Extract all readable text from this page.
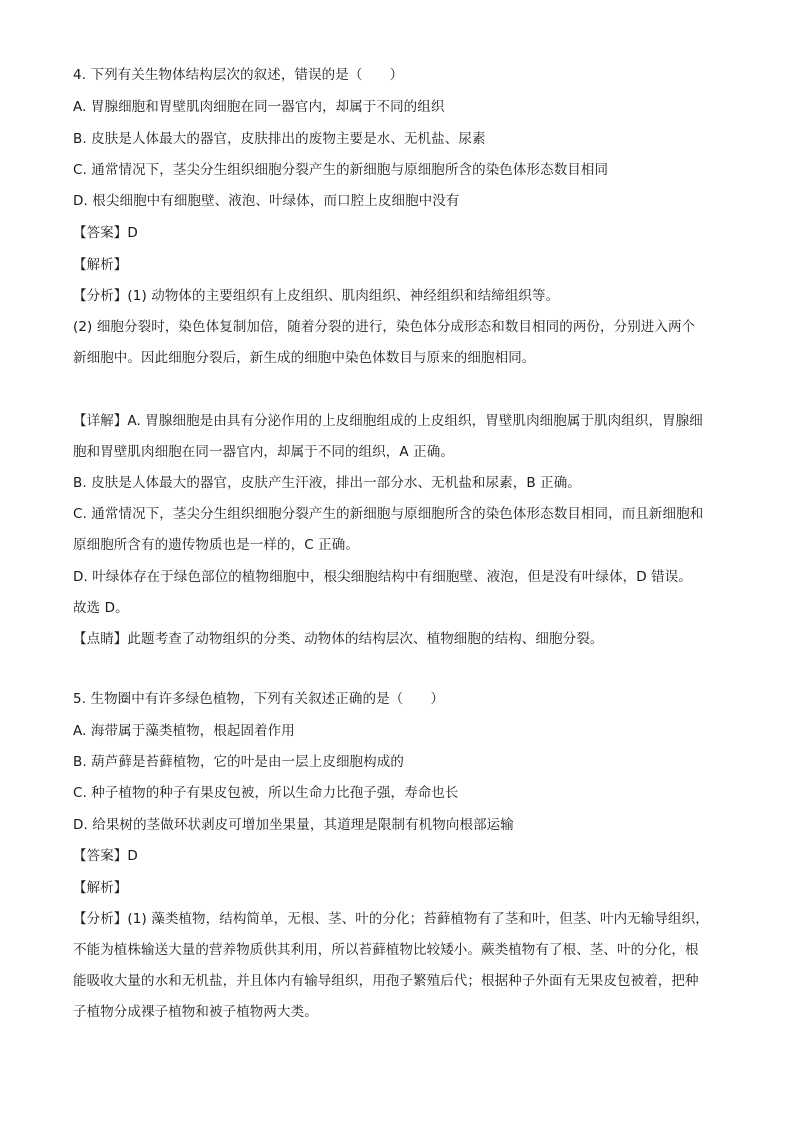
4. 下列有关生物体结构层次的叙述，错误的是（　　）
A. 胃腺细胞和胃壁肌肉细胞在同一器官内，却属于不同的组织
B. 皮肤是人体最大的器官，皮肤排出的废物主要是水、无机盐、尿素
C. 通常情况下，茎尖分生组织细胞分裂产生的新细胞与原细胞所含的染色体形态数目相同
D. 根尖细胞中有细胞壁、液泡、叶绿体，而口腔上皮细胞中没有
【答案】D
【解析】
【分析】(1) 动物体的主要组织有上皮组织、肌肉组织、神经组织和结缔组织等。
(2) 细胞分裂时，染色体复制加倍，随着分裂的进行，染色体分成形态和数目相同的两份，分别进入两个
新细胞中。因此细胞分裂后，新生成的细胞中染色体数目与原来的细胞相同。
【详解】A. 胃腺细胞是由具有分泌作用的上皮细胞组成的上皮组织，胃壁肌肉细胞属于肌肉组织，胃腺细
胞和胃壁肌肉细胞在同一器官内，却属于不同的组织，A 正确。
B. 皮肤是人体最大的器官，皮肤产生汗液，排出一部分水、无机盐和尿素，B 正确。
C. 通常情况下，茎尖分生组织细胞分裂产生的新细胞与原细胞所含的染色体形态数目相同，而且新细胞和
原细胞所含有的遗传物质也是一样的，C 正确。
D. 叶绿体存在于绿色部位的植物细胞中，根尖细胞结构中有细胞壁、液泡，但是没有叶绿体，D 错误。
故选 D。
【点睛】此题考查了动物组织的分类、动物体的结构层次、植物细胞的结构、细胞分裂。
5. 生物圈中有许多绿色植物，下列有关叙述正确的是（　　）
A. 海带属于藻类植物，根起固着作用
B. 葫芦藓是苔藓植物，它的叶是由一层上皮细胞构成的
C. 种子植物的种子有果皮包被，所以生命力比孢子强，寿命也长
D. 给果树的茎做环状剥皮可增加坐果量，其道理是限制有机物向根部运输
【答案】D
【解析】
【分析】(1) 藻类植物，结构简单，无根、茎、叶的分化；苔藓植物有了茎和叶，但茎、叶内无输导组织，
不能为植株输送大量的营养物质供其利用，所以苔藓植物比较矮小。蕨类植物有了根、茎、叶的分化，根
能吸收大量的水和无机盐，并且体内有输导组织，用孢子繁殖后代；根据种子外面有无果皮包被着，把种
子植物分成裸子植物和被子植物两大类。
